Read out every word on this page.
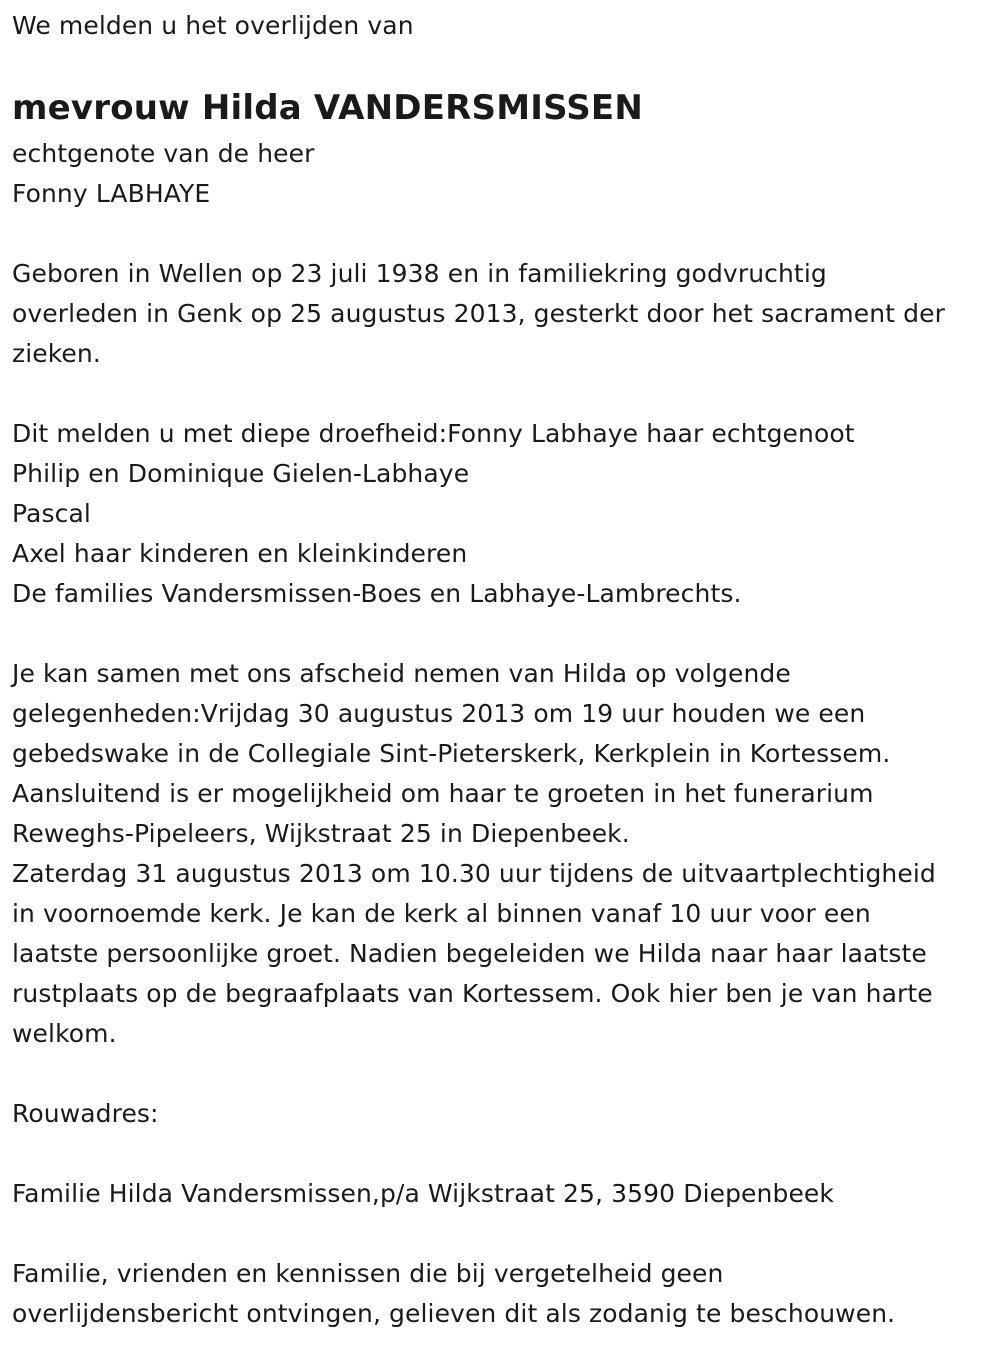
We melden u het overlijden van
mevrouw Hilda VANDERSMISSEN
echtgenote van de heer
Fonny LABHAYE
Geboren in Wellen op 23 juli 1938 en in familiekring godvruchtig
overleden in Genk op 25 augustus 2013, gesterkt door het sacrament der
zieken.
Dit melden u met diepe droefheid:Fonny Labhaye haar echtgenoot
Philip en Dominique Gielen-Labhaye
Pascal
Axel haar kinderen en kleinkinderen
De families Vandersmissen-Boes en Labhaye-Lambrechts.
Je kan samen met ons afscheid nemen van Hilda op volgende
gelegenheden:Vrijdag 30 augustus 2013 om 19 uur houden we een
gebedswake in de Collegiale Sint-Pieterskerk, Kerkplein in Kortessem.
Aansluitend is er mogelijkheid om haar te groeten in het funerarium
Reweghs-Pipeleers, Wijkstraat 25 in Diepenbeek.
Zaterdag 31 augustus 2013 om 10.30 uur tijdens de uitvaartplechtigheid
in voornoemde kerk. Je kan de kerk al binnen vanaf 10 uur voor een
laatste persoonlijke groet. Nadien begeleiden we Hilda naar haar laatste
rustplaats op de begraafplaats van Kortessem. Ook hier ben je van harte
welkom.
Rouwadres:
Familie Hilda Vandersmissen,p/a Wijkstraat 25, 3590 Diepenbeek
Familie, vrienden en kennissen die bij vergetelheid geen
overlijdensbericht ontvingen, gelieven dit als zodanig te beschouwen.
